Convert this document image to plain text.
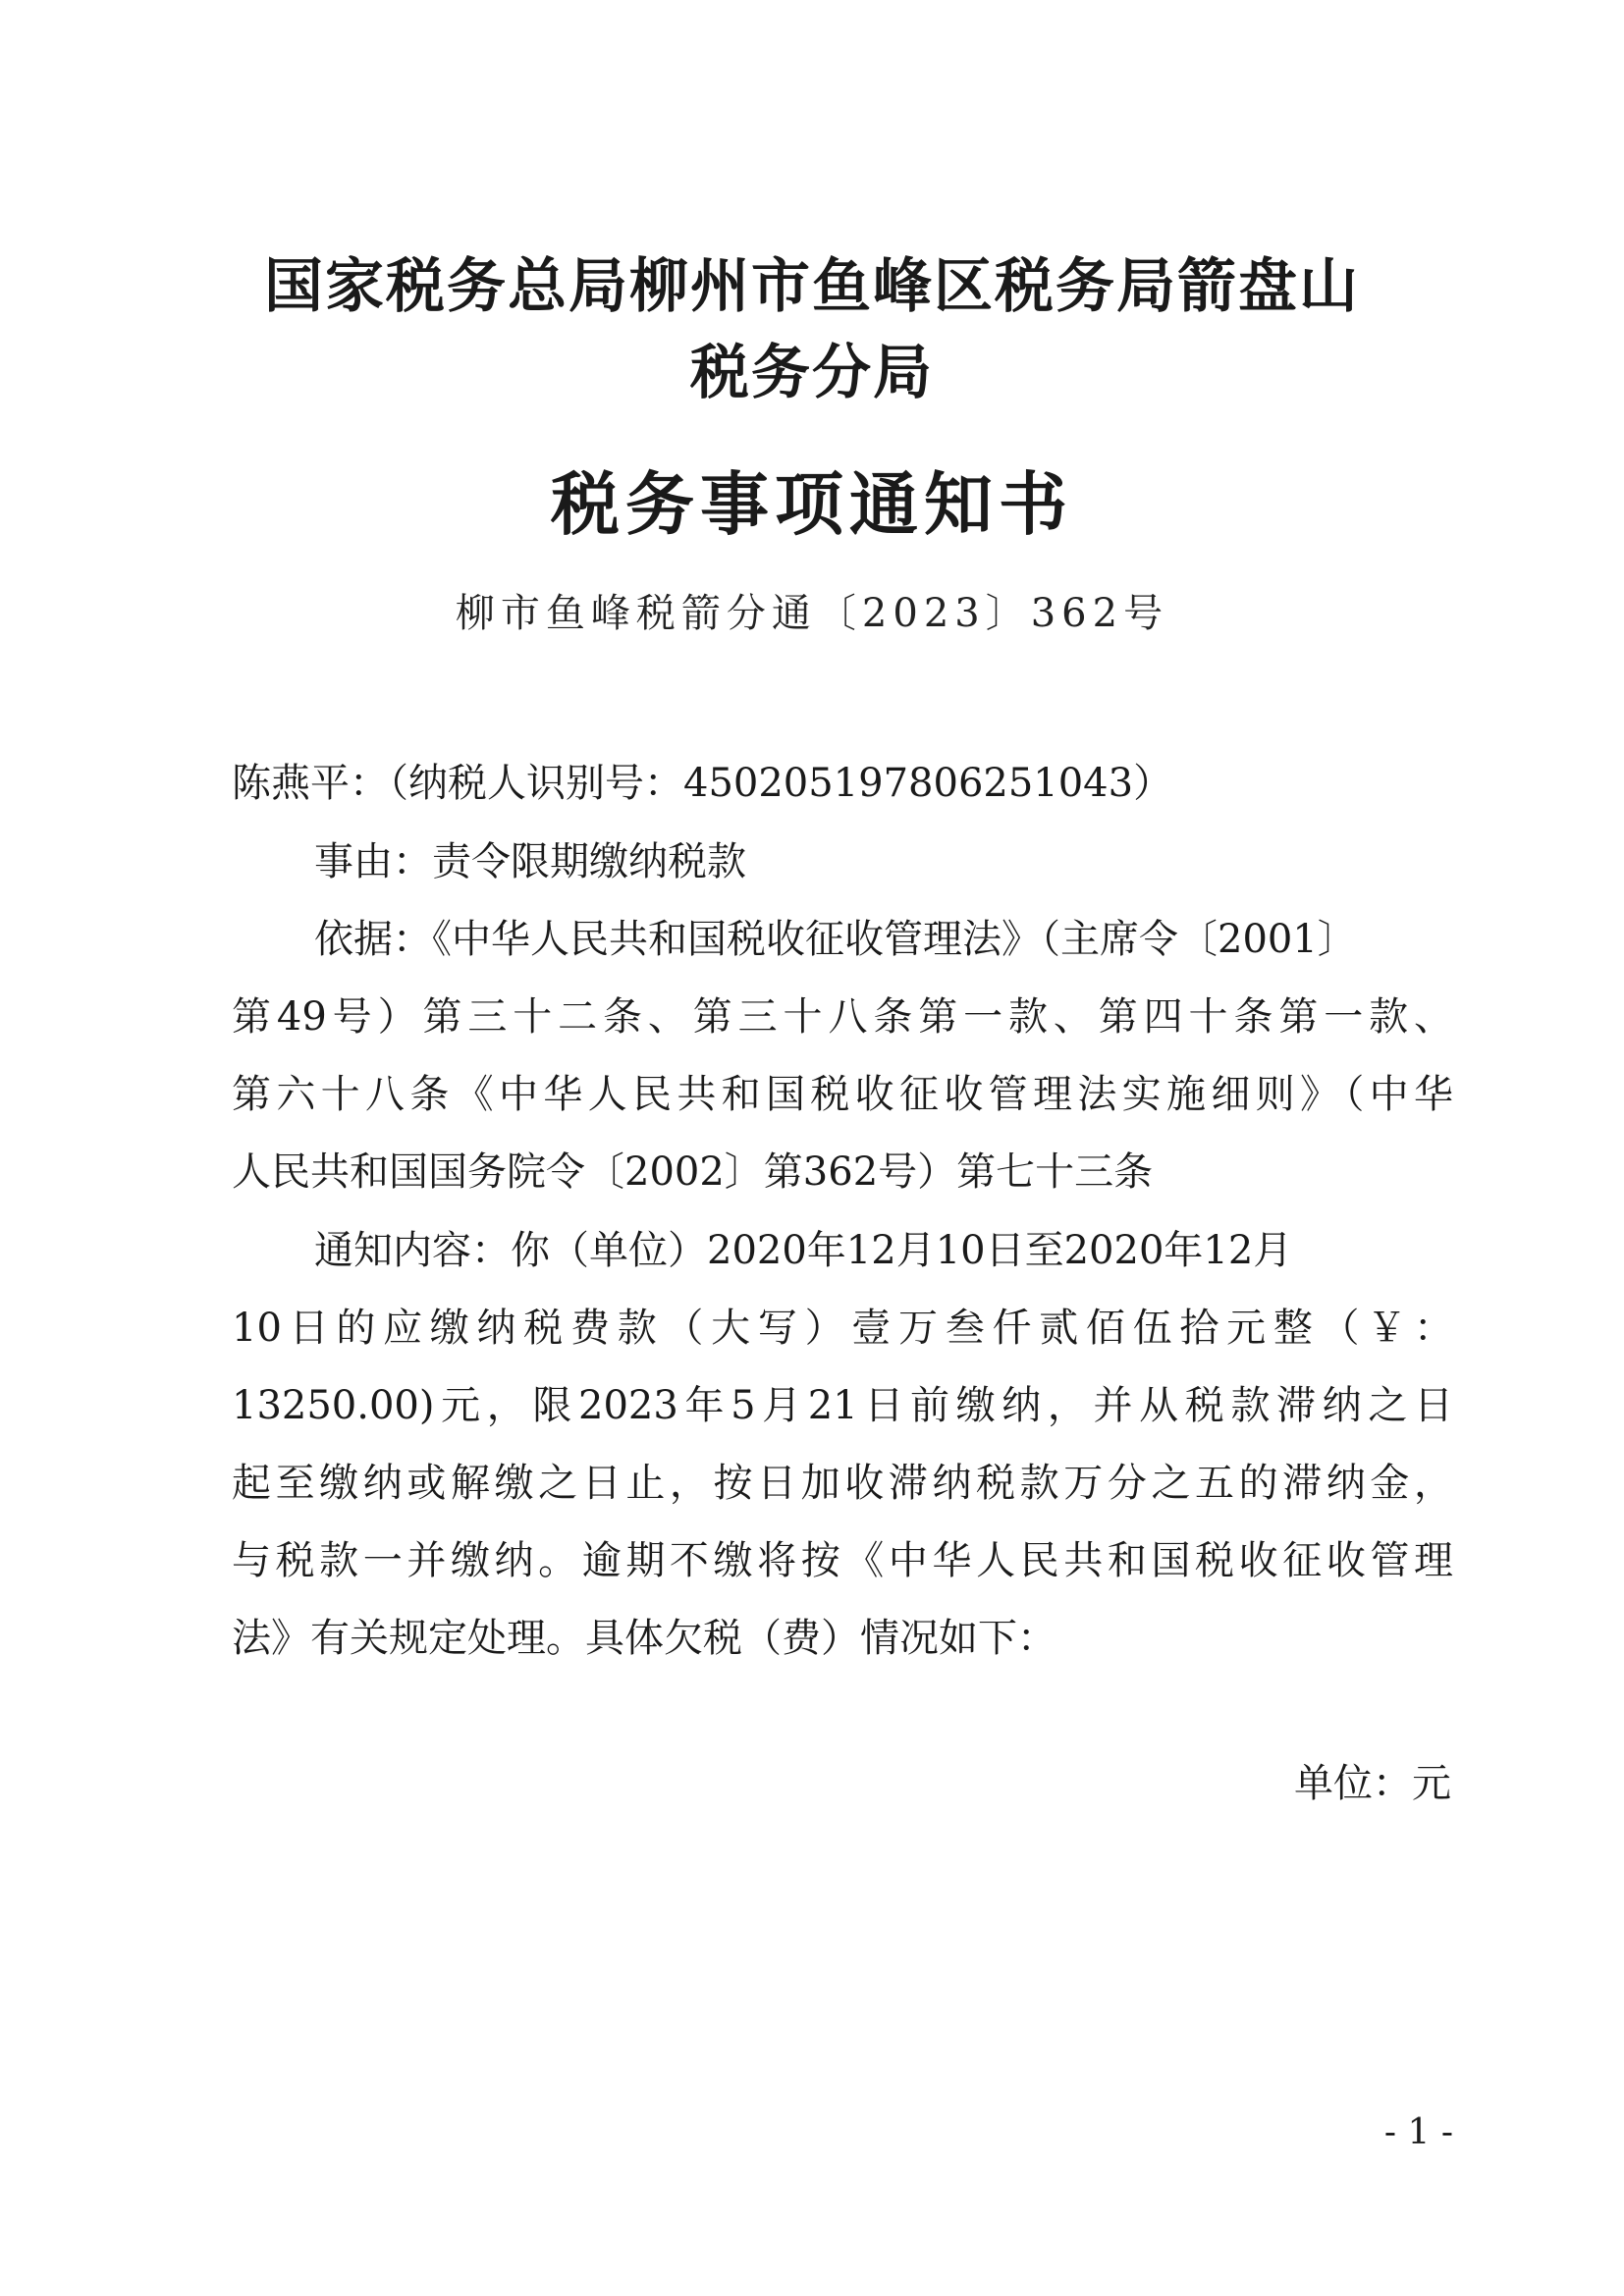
国家税务总局柳州市鱼峰区税务局箭盘山
税务分局
税务事项通知书
柳市鱼峰税箭分通〔2023〕362号
陈燕平：（纳税人识别号：450205197806251043）
事由：责令限期缴纳税款
依据：《中华人民共和国税收征收管理法》（主席令〔2001〕
第49号）第三十二条、第三十八条第一款、第四十条第一款、
第六十八条《中华人民共和国税收征收管理法实施细则》（中华
人民共和国国务院令〔2002〕第362号）第七十三条
通知内容：你（单位）2020年12月10日至2020年12月
10日的应缴纳税费款（大写）壹万叁仟贰佰伍拾元整（￥：
13250.00)元，限2023年5月21日前缴纳，并从税款滞纳之日
起至缴纳或解缴之日止，按日加收滞纳税款万分之五的滞纳金，
与税款一并缴纳。逾期不缴将按《中华人民共和国税收征收管理
法》有关规定处理。具体欠税（费）情况如下：
单位：元
- 1 -
